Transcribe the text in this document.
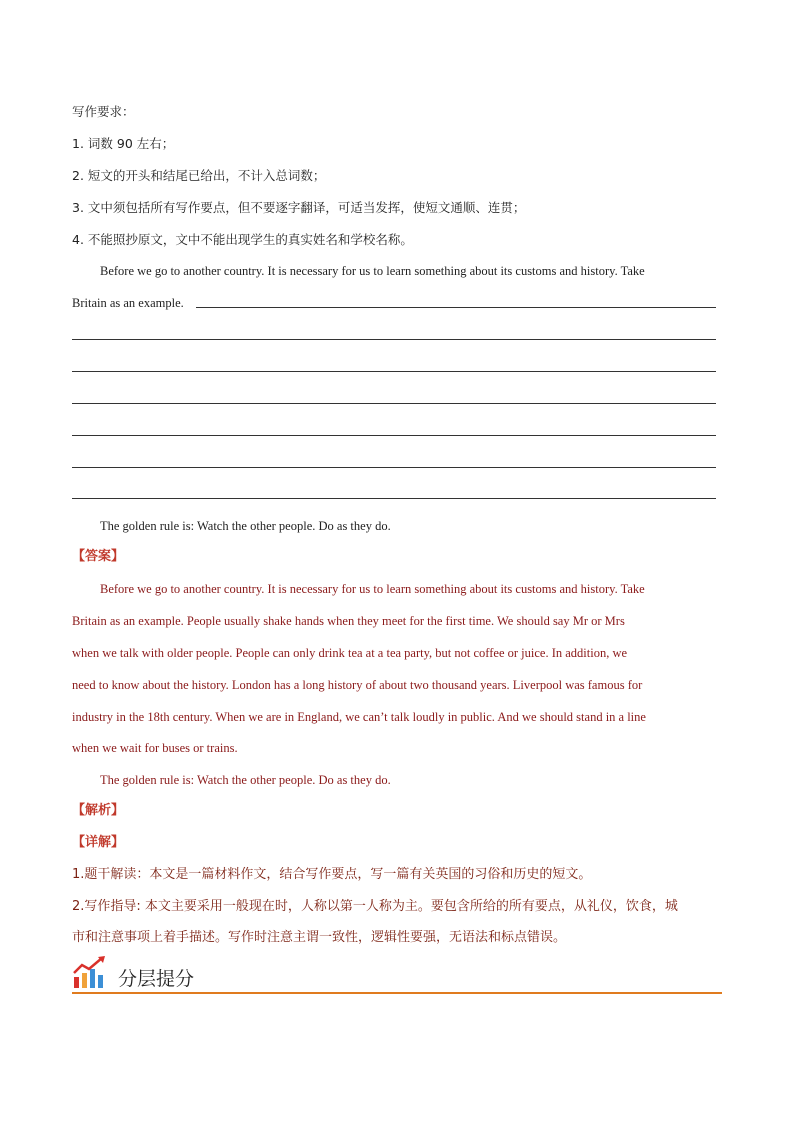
写作要求：
1. 词数 90 左右；
2. 短文的开头和结尾已给出，不计入总词数；
3. 文中须包括所有写作要点，但不要逐字翻译，可适当发挥，使短文通顺、连贯；
4. 不能照抄原文，文中不能出现学生的真实姓名和学校名称。
Before we go to another country. It is necessary for us to learn something about its customs and history. Take
Britain as an example.
The golden rule is: Watch the other people. Do as they do.
【答案】
Before we go to another country. It is necessary for us to learn something about its customs and history. Take
Britain as an example. People usually shake hands when they meet for the first time. We should say Mr or Mrs
when we talk with older people. People can only drink tea at a tea party, but not coffee or juice. In addition, we
need to know about the history. London has a long history of about two thousand years. Liverpool was famous for
industry in the 18th century. When we are in England, we can’t talk loudly in public. And we should stand in a line
when we wait for buses or trains.
The golden rule is: Watch the other people. Do as they do.
【解析】
【详解】
1.题干解读：本文是一篇材料作文，结合写作要点，写一篇有关英国的习俗和历史的短文。
2.写作指导: 本文主要采用一般现在时，人称以第一人称为主。要包含所给的所有要点，从礼仪，饮食，城
市和注意事项上着手描述。写作时注意主谓一致性，逻辑性要强，无语法和标点错误。
分层提分
